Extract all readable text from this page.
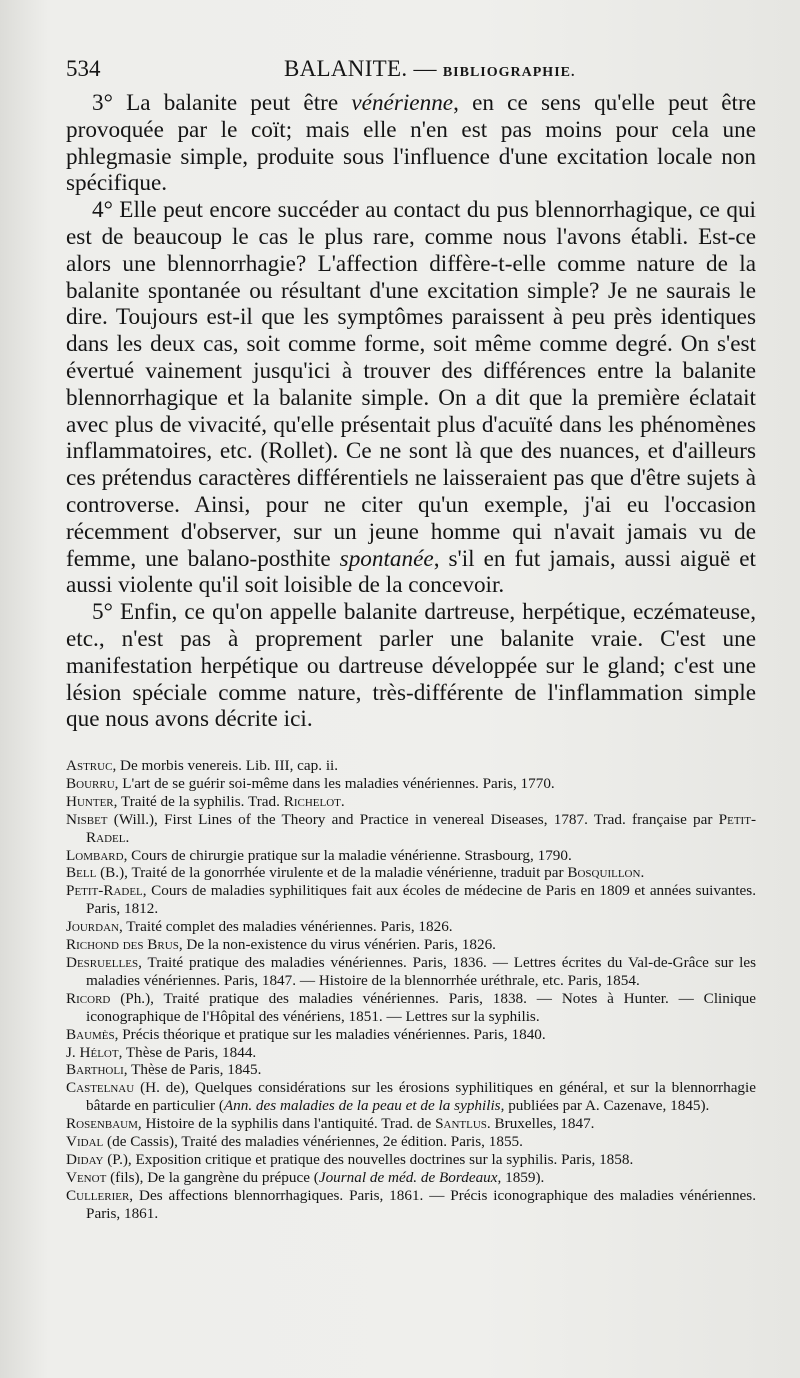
534	BALANITE. — BIBLIOGRAPHIE.

3° La balanite peut être vénérienne, en ce sens qu'elle peut être provoquée par le coït; mais elle n'en est pas moins pour cela une phlegmasie simple, produite sous l'influence d'une excitation locale non spécifique.

4° Elle peut encore succéder au contact du pus blennorrhagique, ce qui est de beaucoup le cas le plus rare, comme nous l'avons établi. Est-ce alors une blennorrhagie? L'affection diffère-t-elle comme nature de la balanite spontanée ou résultant d'une excitation simple? Je ne saurais le dire. Toujours est-il que les symptômes paraissent à peu près identiques dans les deux cas, soit comme forme, soit même comme degré. On s'est évertué vainement jusqu'ici à trouver des différences entre la balanite blennorrhagique et la balanite simple. On a dit que la première éclatait avec plus de vivacité, qu'elle présentait plus d'acuïté dans les phénomènes inflammatoires, etc. (Rollet). Ce ne sont là que des nuances, et d'ailleurs ces prétendus caractères différentiels ne laisseraient pas que d'être sujets à controverse. Ainsi, pour ne citer qu'un exemple, j'ai eu l'occasion récemment d'observer, sur un jeune homme qui n'avait jamais vu de femme, une balano-posthite spontanée, s'il en fut jamais, aussi aiguë et aussi violente qu'il soit loisible de la concevoir.

5° Enfin, ce qu'on appelle balanite dartreuse, herpétique, eczémateuse, etc., n'est pas à proprement parler une balanite vraie. C'est une manifestation herpétique ou dartreuse développée sur le gland; c'est une lésion spéciale comme nature, très-différente de l'inflammation simple que nous avons décrite ici.

Astruc, De morbis venereis. Lib. III, cap. ii.

Bourru, L'art de se guérir soi-même dans les maladies vénériennes. Paris, 1770.

Hunter, Traité de la syphilis. Trad. Richelot.

Nisbet (Will.), First Lines of the Theory and Practice in venereal Diseases, 1787. Trad. française par Petit-Radel.

Lombard, Cours de chirurgie pratique sur la maladie vénérienne. Strasbourg, 1790.

Bell (B.), Traité de la gonorrhée virulente et de la maladie vénérienne, traduit par Bosquillon.

Petit-Radel, Cours de maladies syphilitiques fait aux écoles de médecine de Paris en 1809 et années suivantes. Paris, 1812.

Jourdan, Traité complet des maladies vénériennes. Paris, 1826.

Richond des Brus, De la non-existence du virus vénérien. Paris, 1826.

Desruelles, Traité pratique des maladies vénériennes. Paris, 1836. — Lettres écrites du Val-de-Grâce sur les maladies vénériennes. Paris, 1847. — Histoire de la blennorrhée uréthrale, etc. Paris, 1854.

Ricord (Ph.), Traité pratique des maladies vénériennes. Paris, 1838. — Notes à Hunter. — Clinique iconographique de l'Hôpital des vénériens, 1851. — Lettres sur la syphilis.

Baumès, Précis théorique et pratique sur les maladies vénériennes. Paris, 1840.

J. Hélot, Thèse de Paris, 1844.

Bartholi, Thèse de Paris, 1845.

Castelnau (H. de), Quelques considérations sur les érosions syphilitiques en général, et sur la blennorrhagie bâtarde en particulier (Ann. des maladies de la peau et de la syphilis, publiées par A. Cazenave, 1845).

Rosenbaum, Histoire de la syphilis dans l'antiquité. Trad. de Santlus. Bruxelles, 1847.

Vidal (de Cassis), Traité des maladies vénériennes, 2e édition. Paris, 1855.

Diday (P.), Exposition critique et pratique des nouvelles doctrines sur la syphilis. Paris, 1858.

Venot (fils), De la gangrène du prépuce (Journal de méd. de Bordeaux, 1859).

Cullerier, Des affections blennorrhagiques. Paris, 1861. — Précis iconographique des maladies vénériennes. Paris, 1861.
